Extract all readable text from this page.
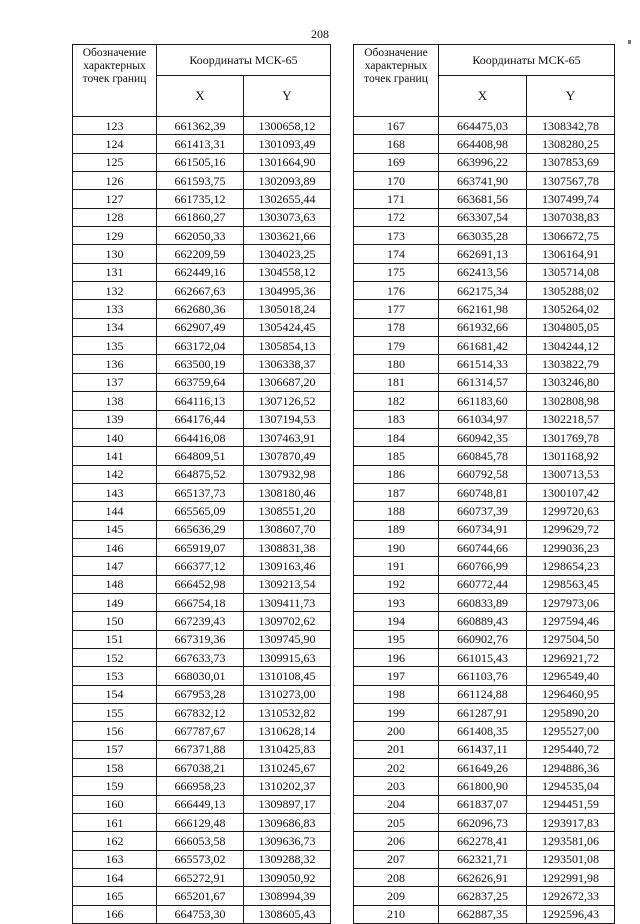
208
Обозначение характерных точек границ	Координаты МСК-65	
	X	Y
123	661362,39	1300658,12
124	661413,31	1301093,49
125	661505,16	1301664,90
126	661593,75	1302093,89
127	661735,12	1302655,44
128	661860,27	1303073,63
129	662050,33	1303621,66
130	662209,59	1304023,25
131	662449,16	1304558,12
132	662667,63	1304995,36
133	662680,36	1305018,24
134	662907,49	1305424,45
135	663172,04	1305854,13
136	663500,19	1306338,37
137	663759,64	1306687,20
138	664116,13	1307126,52
139	664176,44	1307194,53
140	664416,08	1307463,91
141	664809,51	1307870,49
142	664875,52	1307932,98
143	665137,73	1308180,46
144	665565,09	1308551,20
145	665636,29	1308607,70
146	665919,07	1308831,38
147	666377,12	1309163,46
148	666452,98	1309213,54
149	666754,18	1309411,73
150	667239,43	1309702,62
151	667319,36	1309745,90
152	667633,73	1309915,63
153	668030,01	1310108,45
154	667953,28	1310273,00
155	667832,12	1310532,82
156	667787,67	1310628,14
157	667371,88	1310425,83
158	667038,21	1310245,67
159	666958,23	1310202,37
160	666449,13	1309897,17
161	666129,48	1309686,83
162	666053,58	1309636,73
163	665573,02	1309288,32
164	665272,91	1309050,92
165	665201,67	1308994,39
166	664753,30	1308605,43
Обозначение характерных точек границ	Координаты МСК-65	
	X	Y
167	664475,03	1308342,78
168	664408,98	1308280,25
169	663996,22	1307853,69
170	663741,90	1307567,78
171	663681,56	1307499,74
172	663307,54	1307038,83
173	663035,28	1306672,75
174	662691,13	1306164,91
175	662413,56	1305714,08
176	662175,34	1305288,02
177	662161,98	1305264,02
178	661932,66	1304805,05
179	661681,42	1304244,12
180	661514,33	1303822,79
181	661314,57	1303246,80
182	661183,60	1302808,98
183	661034,97	1302218,57
184	660942,35	1301769,78
185	660845,78	1301168,92
186	660792,58	1300713,53
187	660748,81	1300107,42
188	660737,39	1299720,63
189	660734,91	1299629,72
190	660744,66	1299036,23
191	660766,99	1298654,23
192	660772,44	1298563,45
193	660833,89	1297973,06
194	660889,43	1297594,46
195	660902,76	1297504,50
196	661015,43	1296921,72
197	661103,76	1296549,40
198	661124,88	1296460,95
199	661287,91	1295890,20
200	661408,35	1295527,00
201	661437,11	1295440,72
202	661649,26	1294886,36
203	661800,90	1294535,04
204	661837,07	1294451,59
205	662096,73	1293917,83
206	662278,41	1293581,06
207	662321,71	1293501,08
208	662626,91	1292991,98
209	662837,25	1292672,33
210	662887,35	1292596,43
